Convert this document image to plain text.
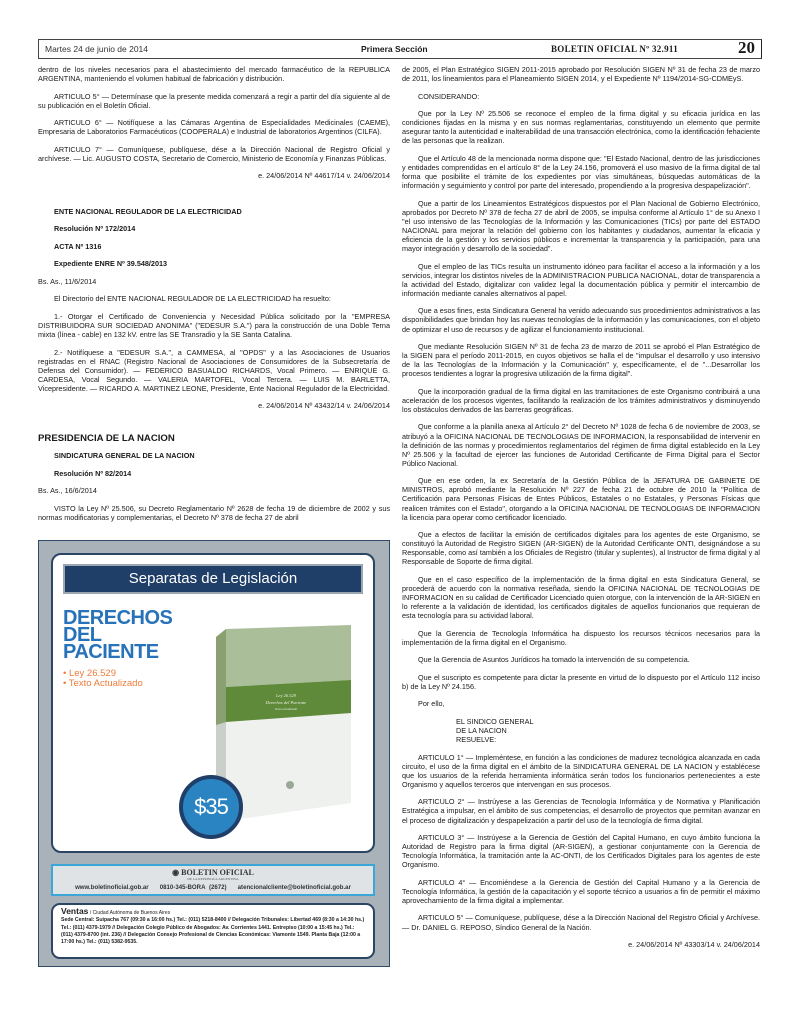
Martes 24 de junio de 2014	Primera Sección	BOLETIN OFICIAL Nº 32.911	20

dentro de los niveles necesarios para el abastecimiento del mercado farmacéutico de la REPUBLICA ARGENTINA, manteniendo el volumen habitual de fabricación y distribución.

ARTICULO 5° — Determínase que la presente medida comenzará a regir a partir del día siguiente al de su publicación en el Boletín Oficial.

ARTICULO 6° — Notifíquese a las Cámaras Argentina de Especialidades Medicinales (CAEME), Empresaria de Laboratorios Farmacéuticos (COOPERALA) e Industrial de laboratorios Argentinos (CILFA).

ARTICULO 7° — Comuníquese, publíquese, dése a la Dirección Nacional de Registro Oficial y archívese. — Lic. AUGUSTO COSTA, Secretario de Comercio, Ministerio de Economía y Finanzas Públicas.

e. 24/06/2014 Nº 44617/14 v. 24/06/2014

ENTE NACIONAL REGULADOR DE LA ELECTRICIDAD

Resolución Nº 172/2014

ACTA Nº 1316

Expediente ENRE Nº 39.548/2013

Bs. As., 11/6/2014

El Directorio del ENTE NACIONAL REGULADOR DE LA ELECTRICIDAD ha resuelto:

1.- Otorgar el Certificado de Conveniencia y Necesidad Pública solicitado por la "EMPRESA DISTRIBUIDORA SUR SOCIEDAD ANONIMA" ("EDESUR S.A.") para la construcción de una Doble Terna mixta (línea - cable) en 132 kV. entre las SE Transradio y la SE Santa Catalina.

2.- Notifíquese a "EDESUR S.A.", a CAMMESA, al "OPDS" y a las Asociaciones de Usuarios registradas en el RNAC (Registro Nacional de Asociaciones de Consumidores de la Subsecretaría de Defensa del Consumidor). — FEDERICO BASUALDO RICHARDS, Vocal Primero. — ENRIQUE G. CARDESA, Vocal Segundo. — VALERIA MARTOFEL, Vocal Tercera. — LUIS M. BARLETTA, Vicepresidente. — RICARDO A. MARTINEZ LEONE, Presidente, Ente Nacional Regulador de la Electricidad.

e. 24/06/2014 Nº 43432/14 v. 24/06/2014

PRESIDENCIA DE LA NACION

SINDICATURA GENERAL DE LA NACION

Resolución Nº 82/2014

Bs. As., 16/6/2014

VISTO la Ley Nº 25.506, su Decreto Reglamentario Nº 2628 de fecha 19 de diciembre de 2002 y sus normas modificatorias y complementarias, el Decreto Nº 378 de fecha 27 de abril

Separatas de Legislación
DERECHOS
DEL
PACIENTE
• Ley 26.529
• Texto Actualizado
Ley 26.529
Derechos del Paciente
Texto actualizado
$35
◉ BOLETIN OFICIAL
DE LA REPUBLICA ARGENTINA
www.boletinoficial.gob.ar 0810-345-BORA (2672) atencionalcliente@boletinoficial.gob.ar
Ventas / Ciudad Autónoma de Buenos Aires
Sede Central: Suipacha 767 (09:30 a 16:00 hs.) Tel.: (011) 5218-8400 // Delegación Tribunales: Libertad 469 (8:30 a 14:30 hs.) Tel.: (011) 4379-1979 // Delegación Colegio Público de Abogados: Av. Corrientes 1441. Entrepiso (10:00 a 15:45 hs.) Tel.: (011) 4379-8700 (int. 236) // Delegación Consejo Profesional de Ciencias Económicas: Viamonte 1549. Planta Baja (12:00 a 17:00 hs.) Tel.: (011) 5382-9535.

de 2005, el Plan Estratégico SIGEN 2011-2015 aprobado por Resolución SIGEN Nº 31 de fecha 23 de marzo de 2011, los lineamientos para el Planeamiento SIGEN 2014, y el Expediente Nº 1194/2014-SG-CDMEyS.

CONSIDERANDO:

Que por la Ley Nº 25.506 se reconoce el empleo de la firma digital y su eficacia jurídica en las condiciones fijadas en la misma y en sus normas reglamentarias, constituyendo un elemento que permite asegurar tanto la autenticidad e inalterabilidad de una transacción electrónica, como la identificación fehaciente de las personas que la realizan.

Que el Artículo 48 de la mencionada norma dispone que: "El Estado Nacional, dentro de las jurisdicciones y entidades comprendidas en el artículo 8° de la Ley 24.156, promoverá el uso masivo de la firma digital de tal forma que posibilite el trámite de los expedientes por vías simultáneas, búsquedas automáticas de la información y seguimiento y control por parte del interesado, propendiendo a la progresiva despapelización".

Que a partir de los Lineamientos Estratégicos dispuestos por el Plan Nacional de Gobierno Electrónico, aprobados por Decreto Nº 378 de fecha 27 de abril de 2005, se impulsa conforme al Artículo 1° de su Anexo I "el uso intensivo de las Tecnologías de la Información y las Comunicaciones (TICs) por parte del ESTADO NACIONAL para mejorar la relación del gobierno con los habitantes y ciudadanos, aumentar la eficacia y eficiencia de la gestión y los servicios públicos e incrementar la transparencia y la participación, para una mayor integración y desarrollo de la sociedad".

Que el empleo de las TICs resulta un instrumento idóneo para facilitar el acceso a la información y a los servicios, integrar los distintos niveles de la ADMINISTRACION PUBLICA NACIONAL, dotar de transparencia a la actividad del Estado, digitalizar con validez legal la documentación pública y permitir el intercambio de información mediante canales alternativos al papel.

Que a esos fines, esta Sindicatura General ha venido adecuando sus procedimientos administrativos a las disponibilidades que brindan hoy las nuevas tecnologías de la información y las comunicaciones, con el objeto de optimizar el uso de recursos y de agilizar el funcionamiento institucional.

Que mediante Resolución SIGEN Nº 31 de fecha 23 de marzo de 2011 se aprobó el Plan Estratégico de la SIGEN para el período 2011-2015, en cuyos objetivos se halla el de "impulsar el desarrollo y uso intensivo de la las Tecnologías de la Información y la Comunicación" y, específicamente, el de "...Desarrollar los procesos tendientes a lograr la progresiva utilización de la firma digital".

Que la incorporación gradual de la firma digital en las tramitaciones de este Organismo contribuirá a una aceleración de los procesos vigentes, facilitando la realización de los trámites administrativos y disminuyendo los obstáculos derivados de las barreras geográficas.

Que conforme a la planilla anexa al Artículo 2° del Decreto Nº 1028 de fecha 6 de noviembre de 2003, se atribuyó a la OFICINA NACIONAL DE TECNOLOGIAS DE INFORMACION, la responsabilidad de intervenir en la definición de las normas y procedimientos reglamentarios del régimen de firma digital establecido en la Ley Nº 25.506 y la facultad de ejercer las funciones de Autoridad Certificante de Firma Digital para el Sector Público Nacional.

Que en ese orden, la ex Secretaría de la Gestión Pública de la JEFATURA DE GABINETE DE MINISTROS, aprobó mediante la Resolución Nº 227 de fecha 21 de octubre de 2010 la "Política de Certificación para Personas Físicas de Entes Públicos, Estatales o no Estatales, y Personas Físicas que realicen trámites con el Estado", otorgando a la OFICINA NACIONAL DE TECNOLOGIAS DE INFORMACION la licencia para operar como certificador licenciado.

Que a efectos de facilitar la emisión de certificados digitales para los agentes de este Organismo, se constituyó la Autoridad de Registro SIGEN (AR-SIGEN) de la Autoridad Certificante ONTI, designándose a su Responsable, como así también a los Oficiales de Registro (titular y suplentes), al Instructor de firma digital y al Responsable de Soporte de firma digital.

Que en el caso específico de la implementación de la firma digital en esta Sindicatura General, se procederá de acuerdo con la normativa reseñada, siendo la OFICINA NACIONAL DE TECNOLOGIAS DE INFORMACION en su calidad de Certificador Licenciado quien otorgue, con la intervención de la AR-SIGEN en lo referente a la validación de identidad, los certificados digitales de aquellos funcionarios que requieran de esta tecnología para su actividad laboral.

Que la Gerencia de Tecnología Informática ha dispuesto los recursos técnicos necesarios para la implementación de la firma digital en el Organismo.

Que la Gerencia de Asuntos Jurídicos ha tomado la intervención de su competencia.

Que el suscripto es competente para dictar la presente en virtud de lo dispuesto por el Artículo 112 inciso b) de la Ley Nº 24.156.

Por ello,

EL SINDICO GENERAL
DE LA NACION
RESUELVE:

ARTICULO 1° — Impleméntese, en función a las condiciones de madurez tecnológica alcanzada en cada circuito, el uso de la firma digital en el ámbito de la SINDICATURA GENERAL DE LA NACION y establécese que los usuarios de la referida herramienta informática serán todos los funcionarios pertenecientes a este Organismo y aquellos terceros que intervengan en sus procesos.

ARTICULO 2° — Instrúyese a las Gerencias de Tecnología Informática y de Normativa y Planificación Estratégica a impulsar, en el ámbito de sus competencias, el desarrollo de proyectos que permitan avanzar en el proceso de digitalización y despapelización a partir del uso de la tecnología de firma digital.

ARTICULO 3° — Instrúyese a la Gerencia de Gestión del Capital Humano, en cuyo ámbito funciona la Autoridad de Registro para la firma digital (AR-SIGEN), a gestionar conjuntamente con la Gerencia de Tecnología Informática, la tramitación ante la AC-ONTI, de los Certificados Digitales para los agentes de este Organismo.

ARTICULO 4° — Encomiéndese a la Gerencia de Gestión del Capital Humano y a la Gerencia de Tecnología Informática, la gestión de la capacitación y el soporte técnico a usuarios a fin de permitir el máximo aprovechamiento de la firma digital a implementar.

ARTICULO 5° — Comuníquese, publíquese, dése a la Dirección Nacional del Registro Oficial y Archívese. — Dr. DANIEL G. REPOSO, Síndico General de la Nación.

e. 24/06/2014 Nº 43303/14 v. 24/06/2014
